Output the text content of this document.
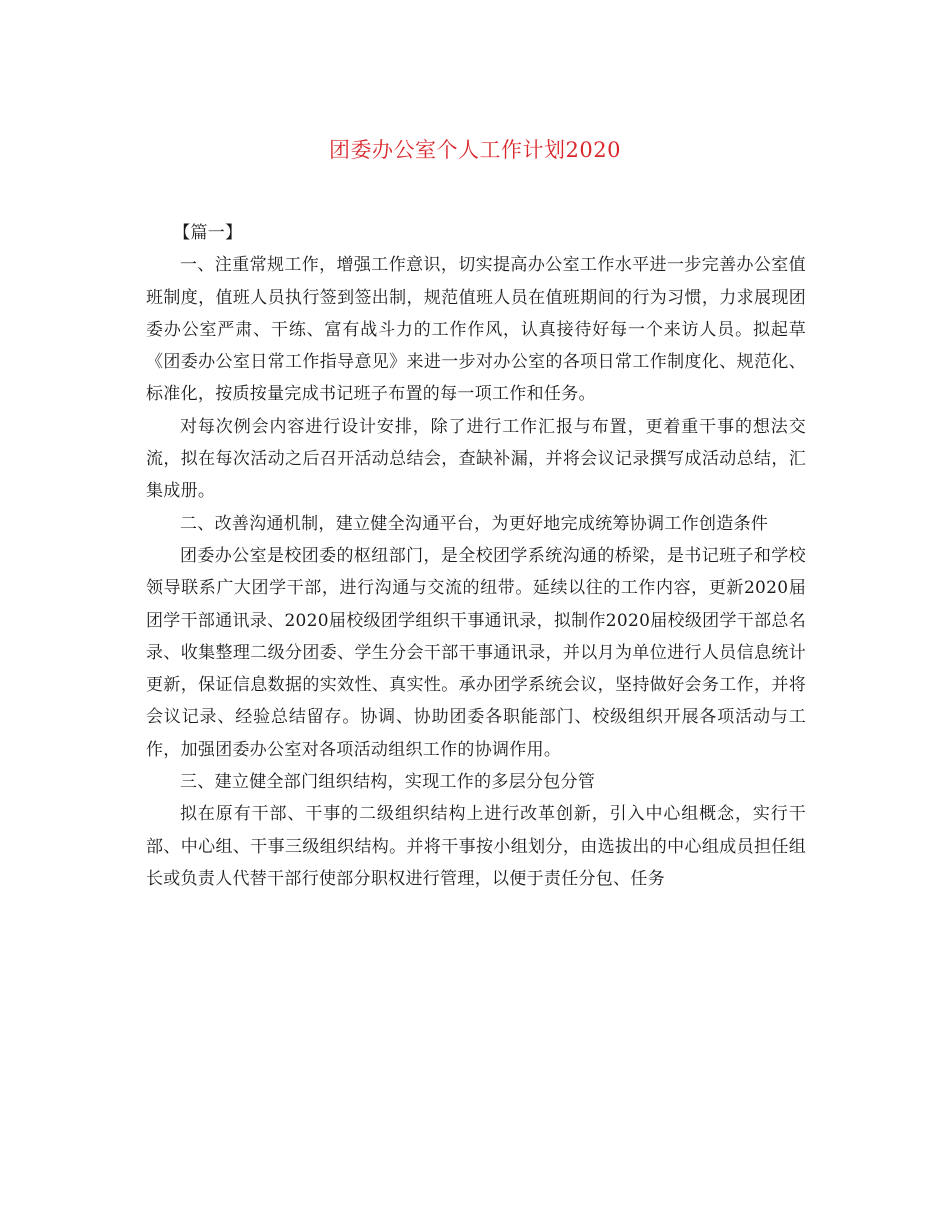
团委办公室个人工作计划2020

【篇一】

一、注重常规工作，增强工作意识，切实提高办公室工作水平进一步完善办公室值班制度，值班人员执行签到签出制，规范值班人员在值班期间的行为习惯，力求展现团委办公室严肃、干练、富有战斗力的工作作风，认真接待好每一个来访人员。拟起草《团委办公室日常工作指导意见》来进一步对办公室的各项日常工作制度化、规范化、标准化，按质按量完成书记班子布置的每一项工作和任务。

对每次例会内容进行设计安排，除了进行工作汇报与布置，更着重干事的想法交流，拟在每次活动之后召开活动总结会，查缺补漏，并将会议记录撰写成活动总结，汇集成册。

二、改善沟通机制，建立健全沟通平台，为更好地完成统筹协调工作创造条件

团委办公室是校团委的枢纽部门，是全校团学系统沟通的桥梁，是书记班子和学校领导联系广大团学干部，进行沟通与交流的纽带。延续以往的工作内容，更新2020届团学干部通讯录、2020届校级团学组织干事通讯录，拟制作2020届校级团学干部总名录、收集整理二级分团委、学生分会干部干事通讯录，并以月为单位进行人员信息统计更新，保证信息数据的实效性、真实性。承办团学系统会议，坚持做好会务工作，并将会议记录、经验总结留存。协调、协助团委各职能部门、校级组织开展各项活动与工作，加强团委办公室对各项活动组织工作的协调作用。

三、建立健全部门组织结构，实现工作的多层分包分管

拟在原有干部、干事的二级组织结构上进行改革创新，引入中心组概念，实行干部、中心组、干事三级组织结构。并将干事按小组划分，由选拔出的中心组成员担任组长或负责人代替干部行使部分职权进行管理，以便于责任分包、任务
